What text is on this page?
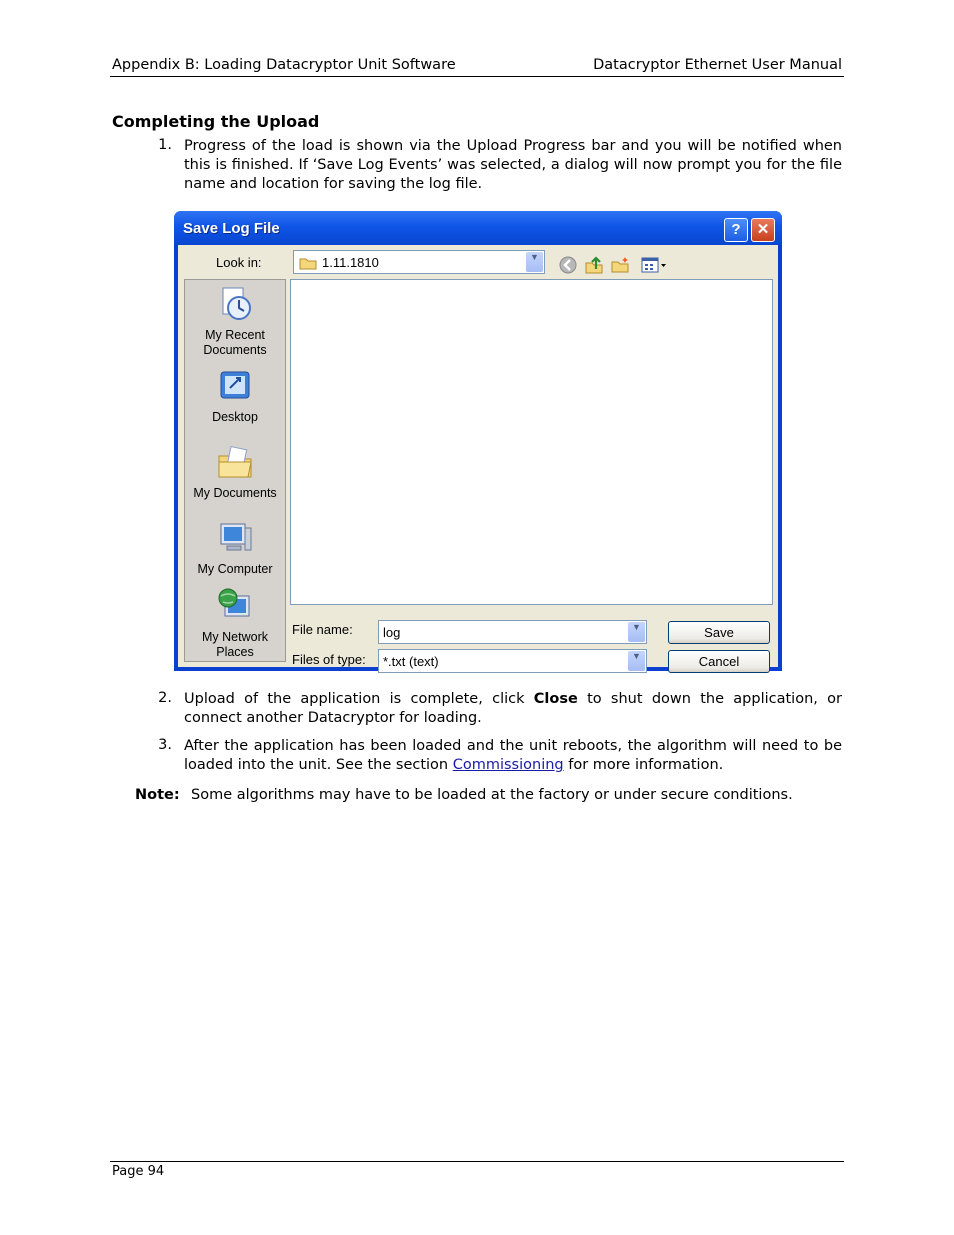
Appendix B: Loading Datacryptor Unit Software	Datacryptor Ethernet User Manual
Completing the Upload
1. Progress of the load is shown via the Upload Progress bar and you will be notified when this is finished. If ‘Save Log Events’ was selected, a dialog will now prompt you for the file name and location for saving the log file.
Save Log File	?	✕
Look in:	1.11.1810	▼
My Recent
Documents
Desktop
My Documents
My Computer
My Network
Places
File name: log	▼	Save
Files of type: *.txt (text)	▼	Cancel
2. Upload of the application is complete, click Close to shut down the application, or connect another Datacryptor for loading.
3. After the application has been loaded and the unit reboots, the algorithm will need to be loaded into the unit. See the section Commissioning for more information.
Note: Some algorithms may have to be loaded at the factory or under secure conditions.
Page 94
